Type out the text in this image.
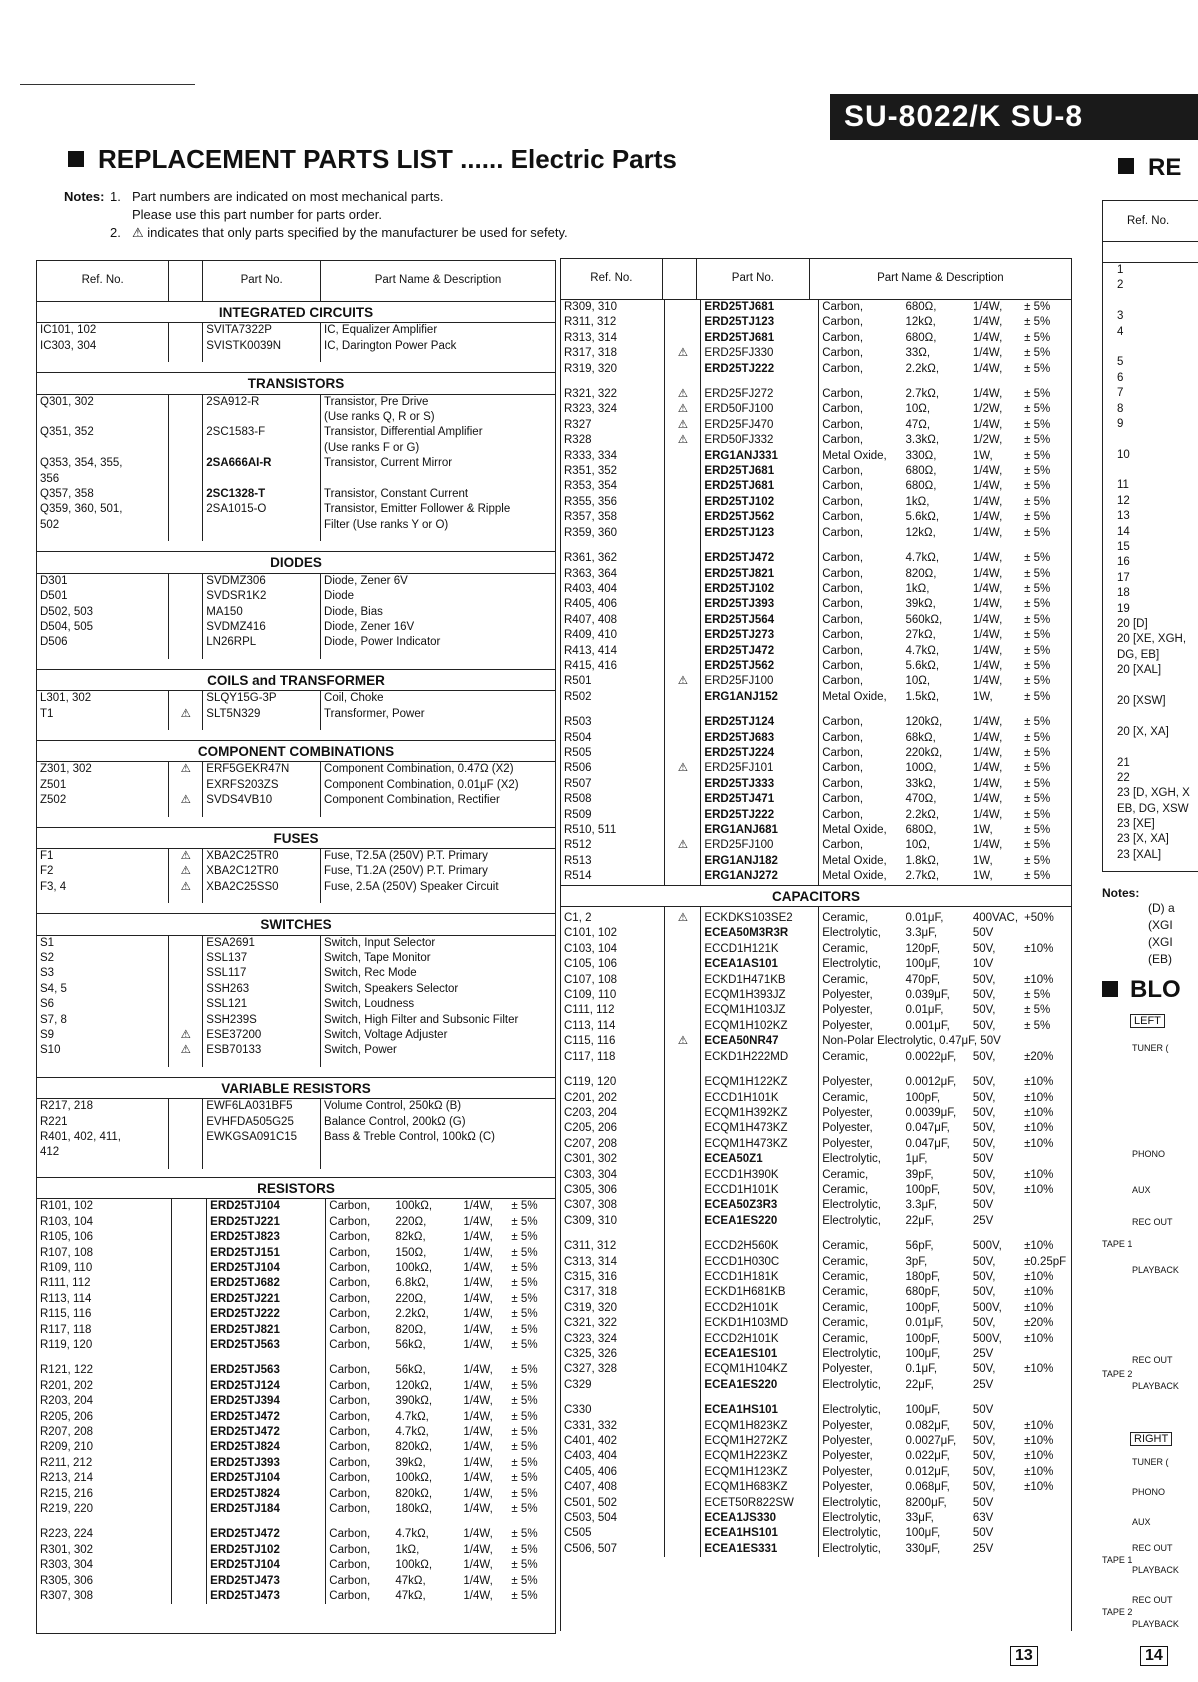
SU-8022/K SU-8
REPLACEMENT PARTS LIST ...... Electric Parts	RE
Notes: 1. Part numbers are indicated on most mechanical parts.
Please use this part number for parts order.
2. ⚠ indicates that only parts specified by the manufacturer be used for sefety.
Ref. No.		Part No.	Part Name & Description
INTEGRATED CIRCUITS
IC101, 102		SVITA7322P	IC, Equalizer Amplifier
IC303, 304		SVISTK0039N	IC, Darington Power Pack

TRANSISTORS
Q301, 302		2SA912-R	Transistor, Pre Drive
			(Use ranks Q, R or S)
Q351, 352		2SC1583-F	Transistor, Differential Amplifier
			(Use ranks F or G)
Q353, 354, 355,		2SA666AI-R	Transistor, Current Mirror
356			
Q357, 358		2SC1328-T	Transistor, Constant Current
Q359, 360, 501,		2SA1015-O	Transistor, Emitter Follower & Ripple
502			Filter (Use ranks Y or O)

DIODES
D301		SVDMZ306	Diode, Zener 6V
D501		SVDSR1K2	Diode
D502, 503		MA150	Diode, Bias
D504, 505		SVDMZ416	Diode, Zener 16V
D506		LN26RPL	Diode, Power Indicator

COILS and TRANSFORMER
L301, 302		SLQY15G-3P	Coil, Choke
T1	⚠	SLT5N329	Transformer, Power

COMPONENT COMBINATIONS
Z301, 302	⚠	ERF5GEKR47N	Component Combination, 0.47Ω (X2)
Z501		EXRFS203ZS	Component Combination, 0.01μF (X2)
Z502	⚠	SVDS4VB10	Component Combination, Rectifier

FUSES
F1	⚠	XBA2C25TR0	Fuse, T2.5A (250V) P.T. Primary
F2	⚠	XBA2C12TR0	Fuse, T1.2A (250V) P.T. Primary
F3, 4	⚠	XBA2C25SS0	Fuse, 2.5A (250V) Speaker Circuit

SWITCHES
S1		ESA2691	Switch, Input Selector
S2		SSL137	Switch, Tape Monitor
S3		SSL117	Switch, Rec Mode
S4, 5		SSH263	Switch, Speakers Selector
S6		SSL121	Switch, Loudness
S7, 8		SSH239S	Switch, High Filter and Subsonic Filter
S9	⚠	ESE37200	Switch, Voltage Adjuster
S10	⚠	ESB70133	Switch, Power

VARIABLE RESISTORS
R217, 218		EWF6LA031BF5	Volume Control, 250kΩ (B)
R221		EVHFDA505G25	Balance Control, 200kΩ (G)
R401, 402, 411,		EWKGSA091C15	Bass & Treble Control, 100kΩ (C)
412			

RESISTORS

R101, 102		ERD25TJ104	Carbon,	100kΩ,	1/4W,	± 5%
R103, 104		ERD25TJ221	Carbon,	220Ω,	1/4W,	± 5%
R105, 106		ERD25TJ823	Carbon,	82kΩ,	1/4W,	± 5%
R107, 108		ERD25TJ151	Carbon,	150Ω,	1/4W,	± 5%
R109, 110		ERD25TJ104	Carbon,	100kΩ,	1/4W,	± 5%
R111, 112		ERD25TJ682	Carbon,	6.8kΩ,	1/4W,	± 5%
R113, 114		ERD25TJ221	Carbon,	220Ω,	1/4W,	± 5%
R115, 116		ERD25TJ222	Carbon,	2.2kΩ,	1/4W,	± 5%
R117, 118		ERD25TJ821	Carbon,	820Ω,	1/4W,	± 5%
R119, 120		ERD25TJ563	Carbon,	56kΩ,	1/4W,	± 5%

R121, 122		ERD25TJ563	Carbon,	56kΩ,	1/4W,	± 5%
R201, 202		ERD25TJ124	Carbon,	120kΩ,	1/4W,	± 5%
R203, 204		ERD25TJ394	Carbon,	390kΩ,	1/4W,	± 5%
R205, 206		ERD25TJ472	Carbon,	4.7kΩ,	1/4W,	± 5%
R207, 208		ERD25TJ472	Carbon,	4.7kΩ,	1/4W,	± 5%
R209, 210		ERD25TJ824	Carbon,	820kΩ,	1/4W,	± 5%
R211, 212		ERD25TJ393	Carbon,	39kΩ,	1/4W,	± 5%
R213, 214		ERD25TJ104	Carbon,	100kΩ,	1/4W,	± 5%
R215, 216		ERD25TJ824	Carbon,	820kΩ,	1/4W,	± 5%
R219, 220		ERD25TJ184	Carbon,	180kΩ,	1/4W,	± 5%

R223, 224		ERD25TJ472	Carbon,	4.7kΩ,	1/4W,	± 5%
R301, 302		ERD25TJ102	Carbon,	1kΩ,	1/4W,	± 5%
R303, 304		ERD25TJ104	Carbon,	100kΩ,	1/4W,	± 5%
R305, 306		ERD25TJ473	Carbon,	47kΩ,	1/4W,	± 5%
R307, 308		ERD25TJ473	Carbon,	47kΩ,	1/4W,	± 5%
Ref. No.		Part No.	Part Name & Description

R309, 310		ERD25TJ681	Carbon,	680Ω,	1/4W,	± 5%
R311, 312		ERD25TJ123	Carbon,	12kΩ,	1/4W,	± 5%
R313, 314		ERD25TJ681	Carbon,	680Ω,	1/4W,	± 5%
R317, 318	⚠	ERD25FJ330	Carbon,	33Ω,	1/4W,	± 5%
R319, 320		ERD25TJ222	Carbon,	2.2kΩ,	1/4W,	± 5%

R321, 322	⚠	ERD25FJ272	Carbon,	2.7kΩ,	1/4W,	± 5%
R323, 324	⚠	ERD50FJ100	Carbon,	10Ω,	1/2W,	± 5%
R327	⚠	ERD25FJ470	Carbon,	47Ω,	1/4W,	± 5%
R328	⚠	ERD50FJ332	Carbon,	3.3kΩ,	1/2W,	± 5%
R333, 334		ERG1ANJ331	Metal Oxide,	330Ω,	1W,	± 5%
R351, 352		ERD25TJ681	Carbon,	680Ω,	1/4W,	± 5%
R353, 354		ERD25TJ681	Carbon,	680Ω,	1/4W,	± 5%
R355, 356		ERD25TJ102	Carbon,	1kΩ,	1/4W,	± 5%
R357, 358		ERD25TJ562	Carbon,	5.6kΩ,	1/4W,	± 5%
R359, 360		ERD25TJ123	Carbon,	12kΩ,	1/4W,	± 5%

R361, 362		ERD25TJ472	Carbon,	4.7kΩ,	1/4W,	± 5%
R363, 364		ERD25TJ821	Carbon,	820Ω,	1/4W,	± 5%
R403, 404		ERD25TJ102	Carbon,	1kΩ,	1/4W,	± 5%
R405, 406		ERD25TJ393	Carbon,	39kΩ,	1/4W,	± 5%
R407, 408		ERD25TJ564	Carbon,	560kΩ,	1/4W,	± 5%
R409, 410		ERD25TJ273	Carbon,	27kΩ,	1/4W,	± 5%
R413, 414		ERD25TJ472	Carbon,	4.7kΩ,	1/4W,	± 5%
R415, 416		ERD25TJ562	Carbon,	5.6kΩ,	1/4W,	± 5%
R501	⚠	ERD25FJ100	Carbon,	10Ω,	1/4W,	± 5%
R502		ERG1ANJ152	Metal Oxide,	1.5kΩ,	1W,	± 5%

R503		ERD25TJ124	Carbon,	120kΩ,	1/4W,	± 5%
R504		ERD25TJ683	Carbon,	68kΩ,	1/4W,	± 5%
R505		ERD25TJ224	Carbon,	220kΩ,	1/4W,	± 5%
R506	⚠	ERD25FJ101	Carbon,	100Ω,	1/4W,	± 5%
R507		ERD25TJ333	Carbon,	33kΩ,	1/4W,	± 5%
R508		ERD25TJ471	Carbon,	470Ω,	1/4W,	± 5%
R509		ERD25TJ222	Carbon,	2.2kΩ,	1/4W,	± 5%
R510, 511		ERG1ANJ681	Metal Oxide,	680Ω,	1W,	± 5%
R512	⚠	ERD25FJ100	Carbon,	10Ω,	1/4W,	± 5%
R513		ERG1ANJ182	Metal Oxide,	1.8kΩ,	1W,	± 5%
R514		ERG1ANJ272	Metal Oxide,	2.7kΩ,	1W,	± 5%
CAPACITORS

C1, 2	⚠	ECKDKS103SE2	Ceramic,	0.01μF,	400VAC,	+50%
C101, 102		ECEA50M3R3R	Electrolytic,	3.3μF,	50V	
C103, 104		ECCD1H121K	Ceramic,	120pF,	50V,	±10%
C105, 106		ECEA1AS101	Electrolytic,	100μF,	10V	
C107, 108		ECKD1H471KB	Ceramic,	470pF,	50V,	±10%
C109, 110		ECQM1H393JZ	Polyester,	0.039μF,	50V,	± 5%
C111, 112		ECQM1H103JZ	Polyester,	0.01μF,	50V,	± 5%
C113, 114		ECQM1H102KZ	Polyester,	0.001μF,	50V,	± 5%
C115, 116	⚠	ECEA50NR47	Non-Polar Electrolytic, 0.47μF, 50V
C117, 118		ECKD1H222MD	Ceramic,	0.0022μF,	50V,	±20%

C119, 120		ECQM1H122KZ	Polyester,	0.0012μF,	50V,	±10%
C201, 202		ECCD1H101K	Ceramic,	100pF,	50V,	±10%
C203, 204		ECQM1H392KZ	Polyester,	0.0039μF,	50V,	±10%
C205, 206		ECQM1H473KZ	Polyester,	0.047μF,	50V,	±10%
C207, 208		ECQM1H473KZ	Polyester,	0.047μF,	50V,	±10%
C301, 302		ECEA50Z1	Electrolytic,	1μF,	50V	
C303, 304		ECCD1H390K	Ceramic,	39pF,	50V,	±10%
C305, 306		ECCD1H101K	Ceramic,	100pF,	50V,	±10%
C307, 308		ECEA50Z3R3	Electrolytic,	3.3μF,	50V	
C309, 310		ECEA1ES220	Electrolytic,	22μF,	25V	

C311, 312		ECCD2H560K	Ceramic,	56pF,	500V,	±10%
C313, 314		ECCD1H030C	Ceramic,	3pF,	50V,	±0.25pF
C315, 316		ECCD1H181K	Ceramic,	180pF,	50V,	±10%
C317, 318		ECKD1H681KB	Ceramic,	680pF,	50V,	±10%
C319, 320		ECCD2H101K	Ceramic,	100pF,	500V,	±10%
C321, 322		ECKD1H103MD	Ceramic,	0.01μF,	50V,	±20%
C323, 324		ECCD2H101K	Ceramic,	100pF,	500V,	±10%
C325, 326		ECEA1ES101	Electrolytic,	100μF,	25V	
C327, 328		ECQM1H104KZ	Polyester,	0.1μF,	50V,	±10%
C329		ECEA1ES220	Electrolytic,	22μF,	25V	

C330		ECEA1HS101	Electrolytic,	100μF,	50V	
C331, 332		ECQM1H823KZ	Polyester,	0.082μF,	50V,	±10%
C401, 402		ECQM1H272KZ	Polyester,	0.0027μF,	50V,	±10%
C403, 404		ECQM1H223KZ	Polyester,	0.022μF,	50V,	±10%
C405, 406		ECQM1H123KZ	Polyester,	0.012μF,	50V,	±10%
C407, 408		ECQM1H683KZ	Polyester,	0.068μF,	50V,	±10%
C501, 502		ECET50R822SW	Electrolytic,	8200μF,	50V	
C503, 504		ECEA1JS330	Electrolytic,	33μF,	63V	
C505		ECEA1HS101	Electrolytic,	100μF,	50V	
C506, 507		ECEA1ES331	Electrolytic,	330μF,	25V	
Ref. No.
1
2
3
4
5
6
7
8
9
10
11
12
13
14
15
16
17
18
19
20 [D]
20 [XE, XGH,
DG, EB]
20 [XAL]
20 [XSW]
20 [X, XA]
21
22
23 [D, XGH, X
EB, DG, XSW
23 [XE]
23 [X, XA]
23 [XAL]
Notes:
(D) a
(XGI
(XGI
(EB)
BLO
LEFT
TUNER (
PHONO
AUX
REC OUT
TAPE 1
PLAYBACK
REC OUT
TAPE 2
PLAYBACK
RIGHT
TUNER (
PHONO
AUX
REC OUT
TAPE 1
PLAYBACK
REC OUT
TAPE 2
PLAYBACK
13	14
